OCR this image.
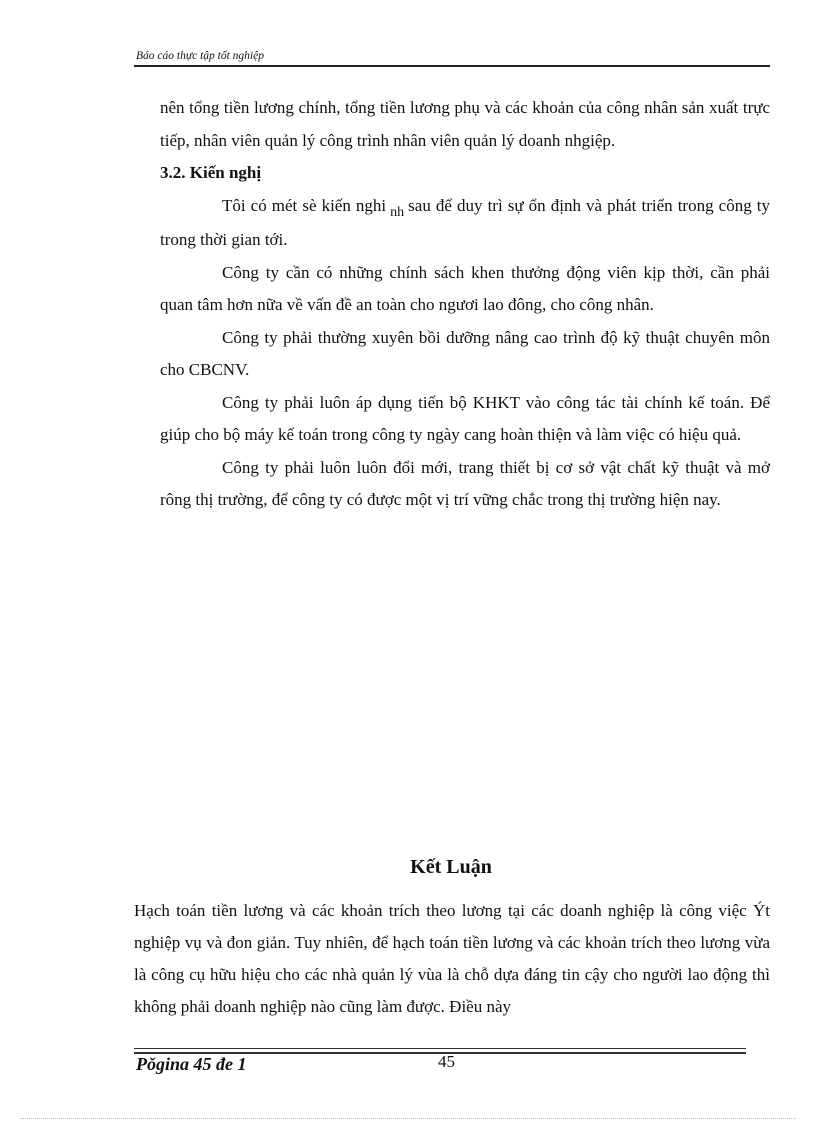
Báo cáo thực tập tốt nghiệp

nên tổng tiền lương chính, tổng tiền lương phụ và các khoản của công nhân sản xuất trực tiếp, nhân viên quản lý công trình nhân viên quản lý doanh nhgiệp.

3.2. Kiến nghị

Tôi có mét sè kiến nghi $_{nh}$ sau để duy trì sự ổn định và phát triển trong công ty trong thời gian tới.

Công ty cần có những chính sách khen thưởng động viên kịp thời, cần phải quan tâm hơn nữa về vấn đề an toàn cho ngươi lao đông, cho công nhân.

Công ty phải thường xuyên bồi dưỡng nâng cao trình độ kỹ thuật chuyên môn cho CBCNV.

Công ty phải luôn áp dụng tiến bộ KHKT vào công tác tài chính kế toán. Để giúp cho bộ máy kế toán trong công ty ngày cang hoàn thiện và làm việc có hiệu quả.

Công ty phải luôn luôn đổi mới, trang thiết bị cơ sở vật chất kỹ thuật và mở rông thị trường, để công ty có được một vị trí vững chắc trong thị trường hiện nay.

Kết Luận
Hạch toán tiền lương và các khoản trích theo lương tại các doanh nghiệp là công việc Ýt nghiệp vụ và đon giản. Tuy nhiên, để hạch toán tiền lương và các khoản trích theo lương vừa là công cụ hữu hiệu cho các nhà quản lý vùa là chỗ dựa đáng tin cậy cho người lao động thì không phải doanh nghiệp nào cũng làm được. Điều này
Pǒgina 45 đe 1	45
